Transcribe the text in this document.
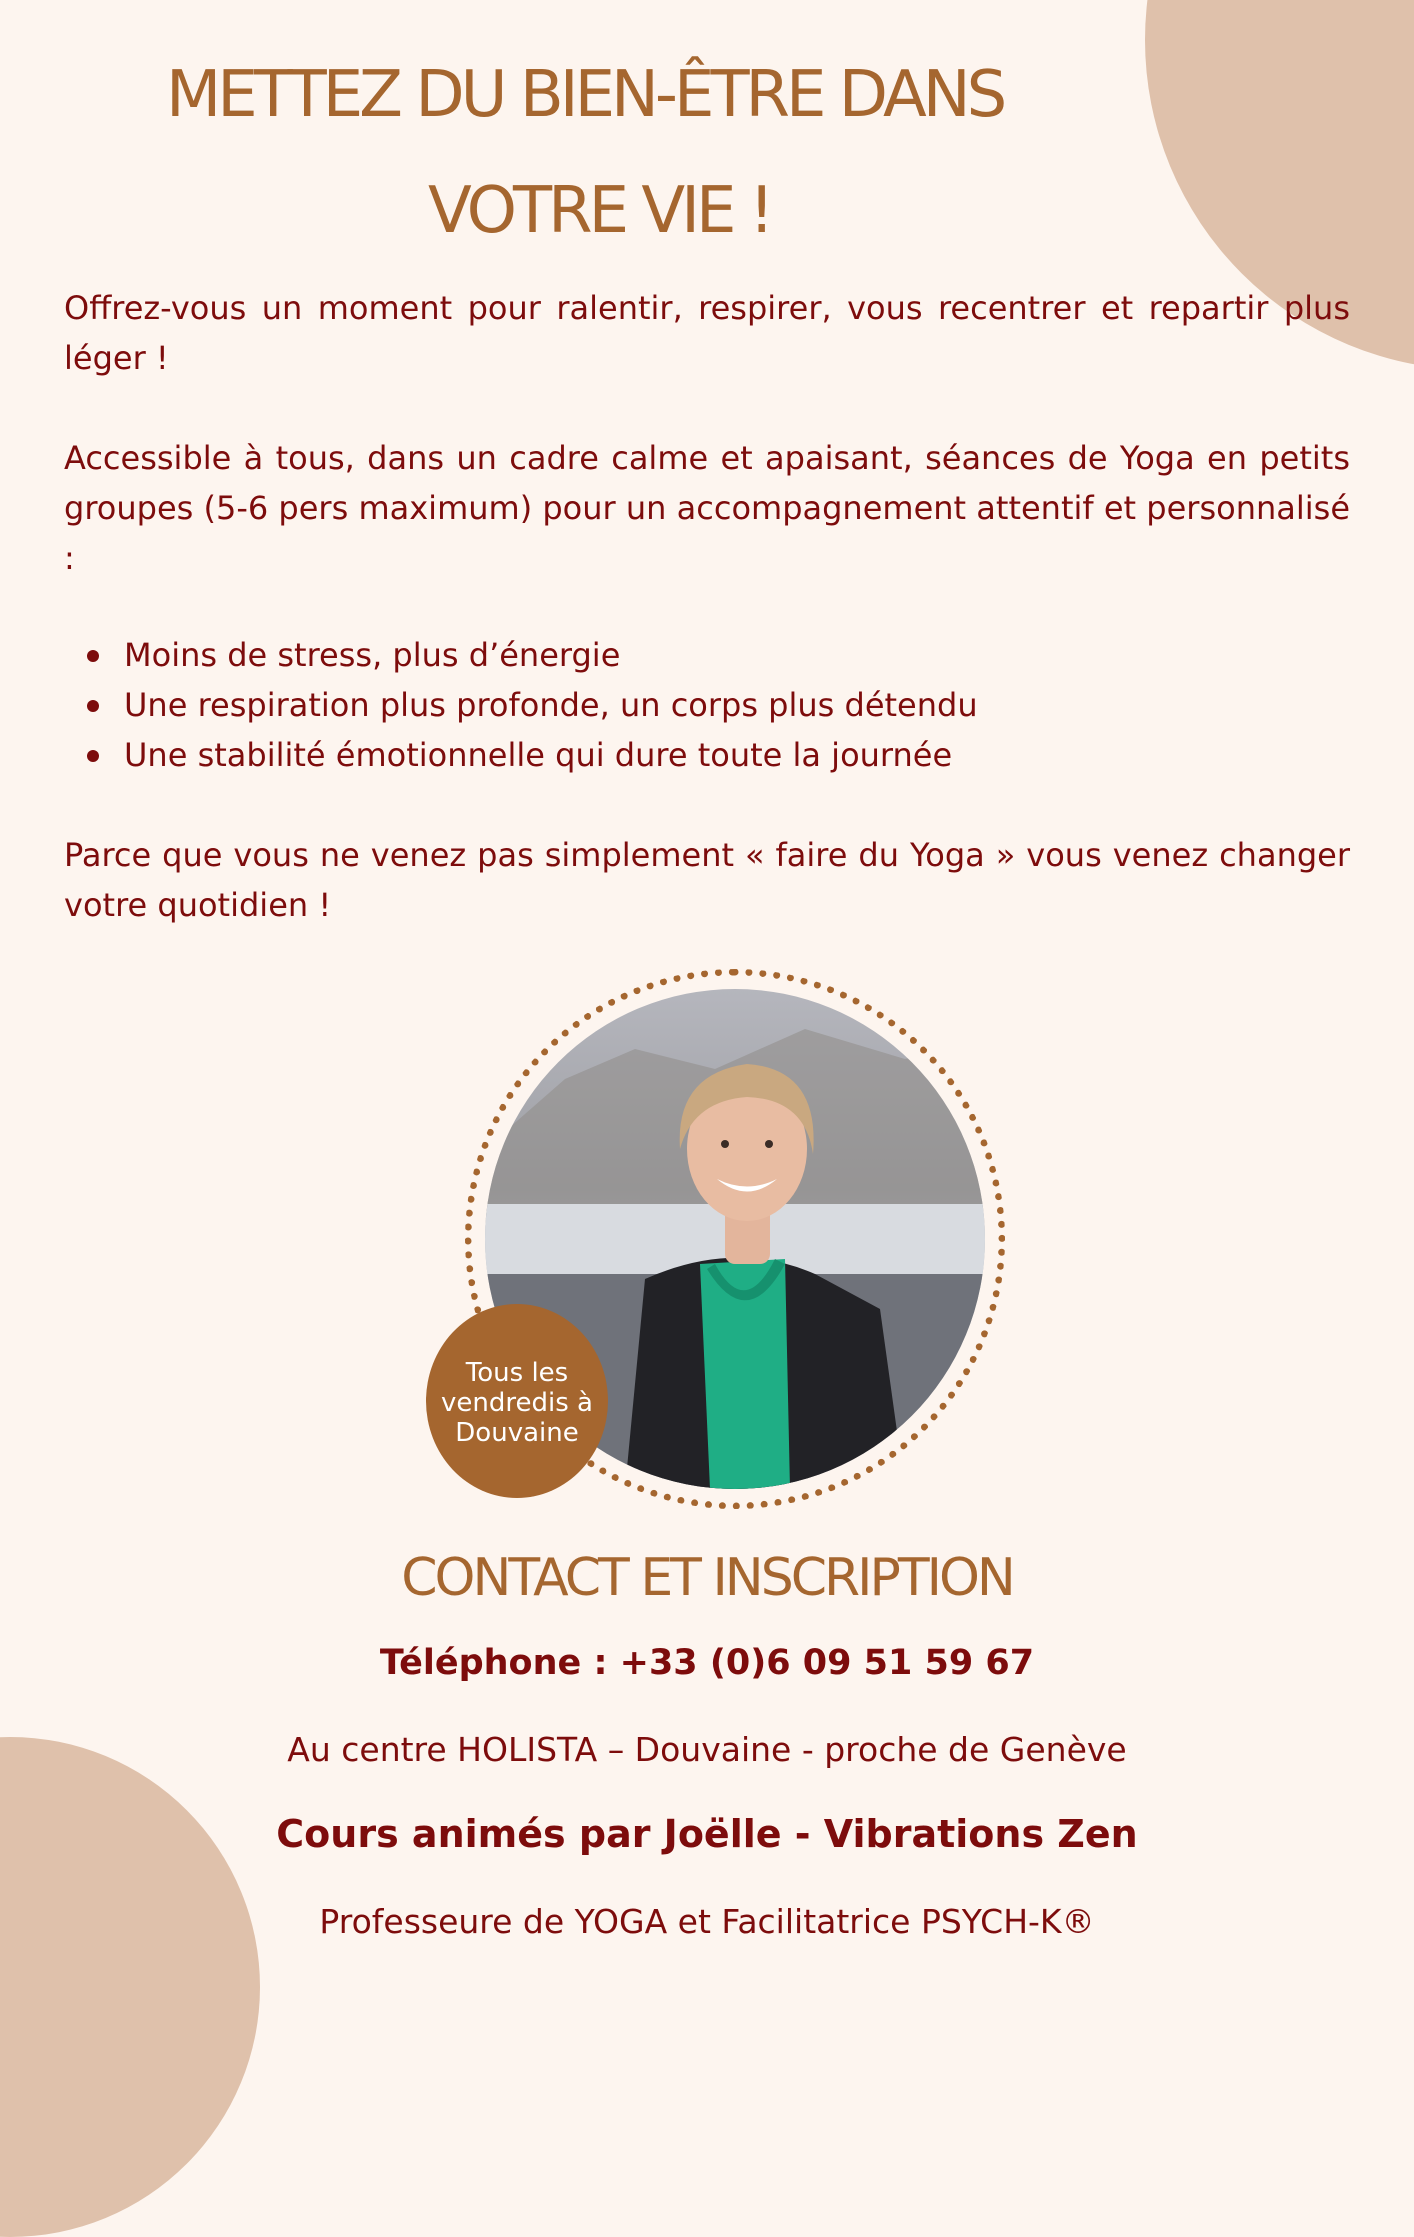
METTEZ DU BIEN-ÊTRE DANS
VOTRE VIE !

Offrez-vous un moment pour ralentir, respirer, vous recentrer et repartir plus léger !

Accessible à tous, dans un cadre calme et apaisant, séances de Yoga en petits groupes (5-6 pers maximum) pour un accompagnement attentif et personnalisé :

Moins de stress, plus d’énergie
Une respiration plus profonde, un corps plus détendu
Une stabilité émotionnelle qui dure toute la journée

Parce que vous ne venez pas simplement « faire du Yoga » vous venez changer votre quotidien !

Tous les
vendredis à
Douvaine
CONTACT ET INSCRIPTION

Téléphone : +33 (0)6 09 51 59 67

Au centre HOLISTA – Douvaine - proche de Genève

Cours animés par Joëlle - Vibrations Zen

Professeure de YOGA et Facilitatrice PSYCH-K®
